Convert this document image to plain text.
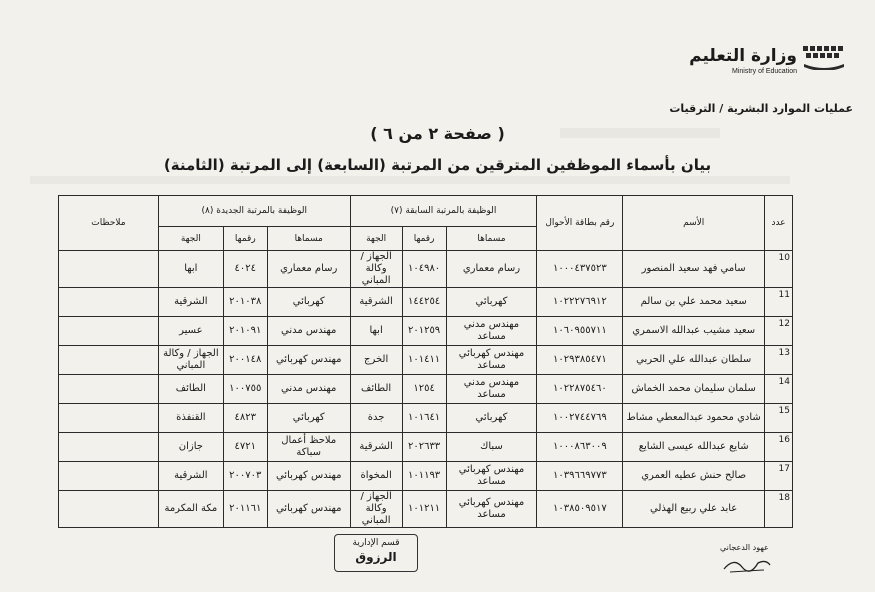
وزارة التعليم
Ministry of Education
عمليات الموارد البشرية / الترقيات
( صفحة ٢ من ٦ )
بيان بأسماء الموظفين المترقين من المرتبة (السابعة) إلى المرتبة (الثامنة)
عدد	الأسم	رقم بطاقة الأحوال	الوظيفة بالمرتبة السابقة (٧)			الوظيفة بالمرتبة الجديدة (٨)			ملاحظات
			مسماها	رقمها	الجهة	مسماها	رقمها	الجهة	
10	سامي فهد سعيد المنصور	١٠٠٠٤٣٧٥٢٣	رسام معماري	١٠٤٩٨٠	الجهاز / وكالة المباني	رسام معماري	٤٠٢٤	ابها	
11	سعيد محمد علي بن سالم	١٠٢٢٢٧٦٩١٢	كهربائي	١٤٤٢٥٤	الشرقية	كهربائي	٢٠١٠٣٨	الشرقية	
12	سعيد مشيب عبدالله الاسمري	١٠٦٠٩٥٥٧١١	مهندس مدني مساعد	٢٠١٢٥٩	ابها	مهندس مدني	٢٠١٠٩١	عسير	
13	سلطان عبدالله علي الحربي	١٠٢٩٣٨٥٤٧١	مهندس كهربائي مساعد	١٠١٤١١	الخرج	مهندس كهربائي	٢٠٠١٤٨	الجهاز / وكالة المباني	
14	سلمان سليمان محمد الخماش	١٠٢٢٨٧٥٤٦٠	مهندس مدني مساعد	١٢٥٤	الطائف	مهندس مدني	١٠٠٧٥٥	الطائف	
15	شادي محمود عبدالمعطي مشاط	١٠٠٢٧٤٤٧٦٩	كهربائي	١٠١٦٤١	جدة	كهربائي	٤٨٢٣	القنفذة	
16	شايع عبدالله عيسى الشايع	١٠٠٠٨٦٣٠٠٩	سباك	٢٠٢٦٣٣	الشرقية	ملاحظ أعمال سباكة	٤٧٢١	جازان	
17	صالح حنش عطيه العمري	١٠٣٩٦٦٩٧٧٣	مهندس كهربائي مساعد	١٠١١٩٣	المخواة	مهندس كهربائي	٢٠٠٧٠٣	الشرقية	
18	عابد علي ربيع الهذلي	١٠٣٨٥٠٩٥١٧	مهندس كهربائي مساعد	١٠١٢١١	الجهاز / وكالة المباني	مهندس كهربائي	٢٠١١٦١	مكة المكرمة	
قسم الإدارية
الرزوق
عهود الدعجاني
